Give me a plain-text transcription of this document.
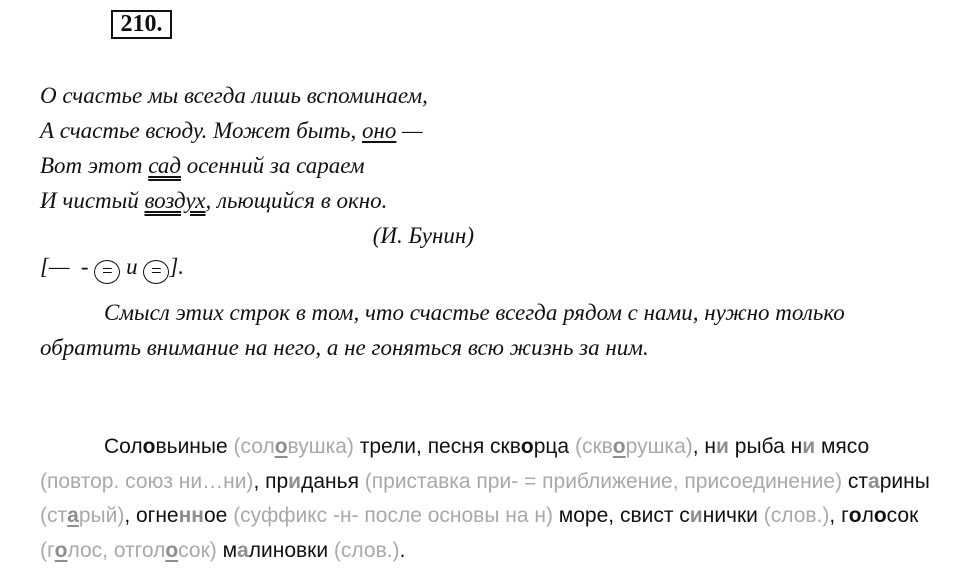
210.
О счастье мы всегда лишь вспоминаем,
А счастье всюду. Может быть, оно —
Вот этот сад осенний за сараем
И чистый воздух, льющийся в окно.
(И. Бунин)
[—  - = и = ].
Смысл этих строк в том, что счастье всегда рядом с нами, нужно только обратить внимание на него, а не гоняться всю жизнь за ним.
Соловьиные (соловушка) трели, песня скворца (скворушка), ни рыба ни мясо (повтор. союз ни…ни), приданья (приставка при- = приближение, присоединение) старины (старый), огненное (суффикс -н- после основы на н) море, свист синички (слов.), голосок (голос, отголосок) малиновки (слов.).
